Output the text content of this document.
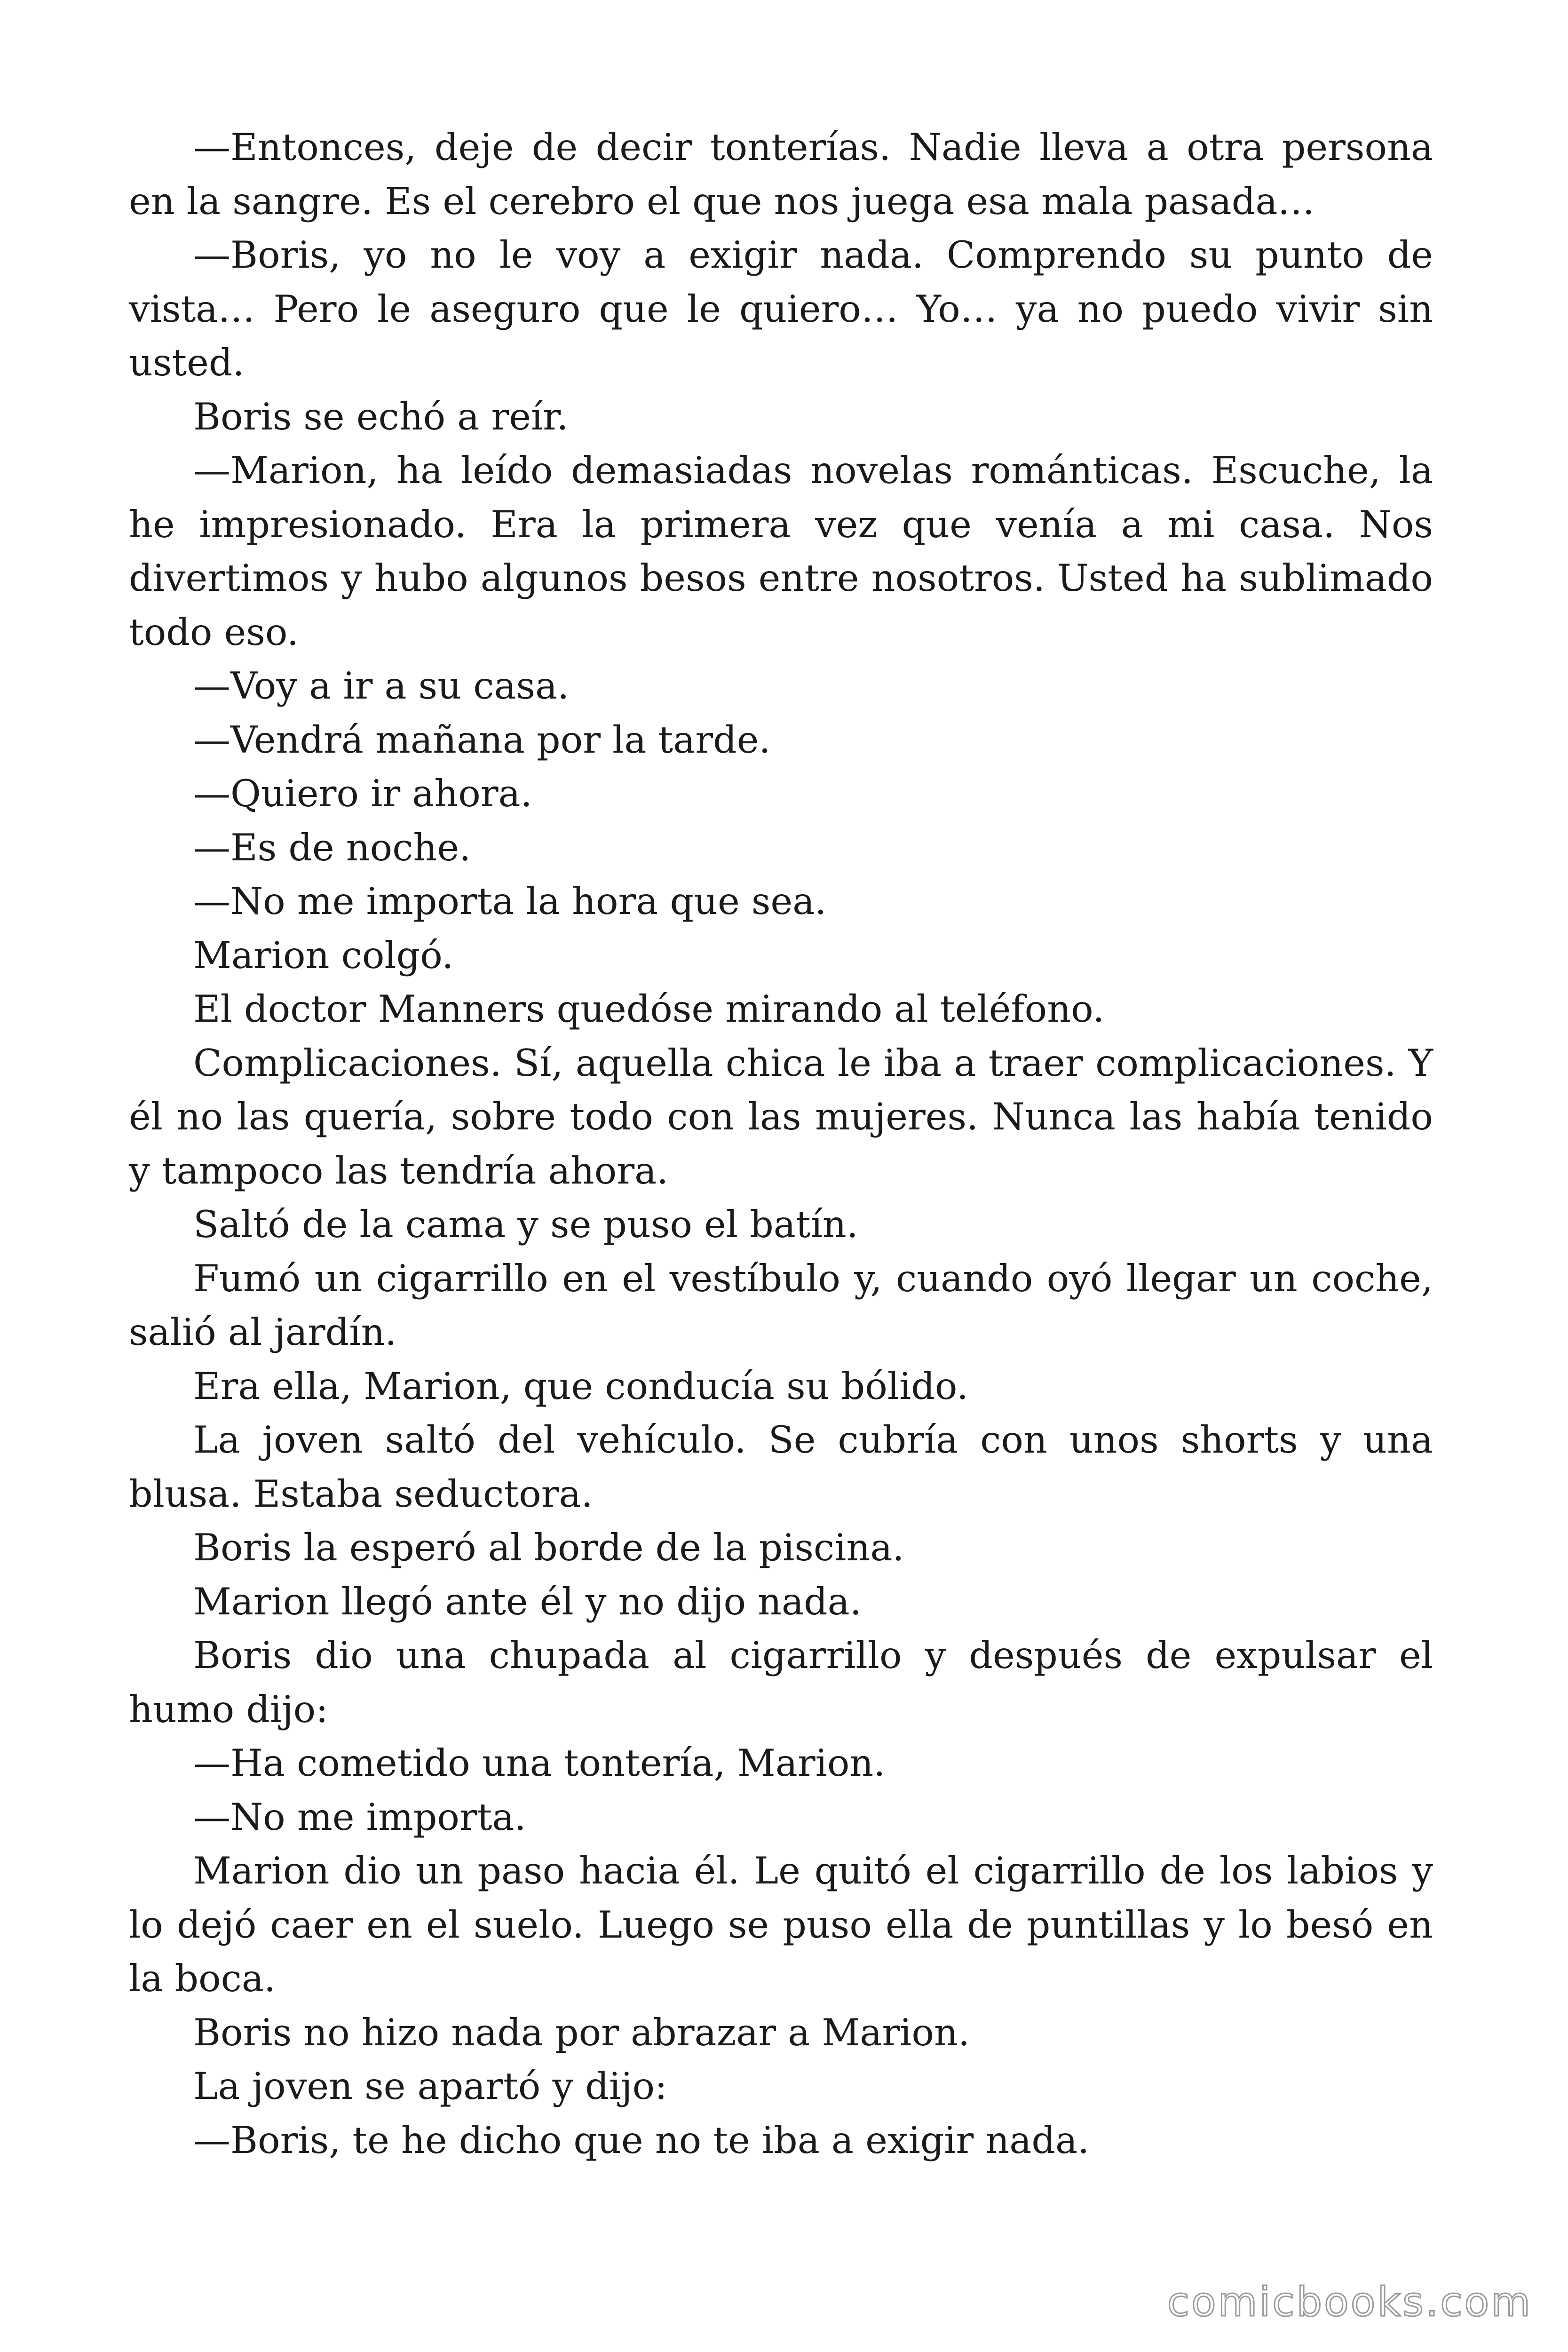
—Entonces, deje de decir tonterías. Nadie lleva a otra persona en la sangre. Es el cerebro el que nos juega esa mala pasada…

—Boris, yo no le voy a exigir nada. Comprendo su punto de vista… Pero le aseguro que le quiero… Yo… ya no puedo vivir sin usted.

Boris se echó a reír.

—Marion, ha leído demasiadas novelas románticas. Escuche, la he impresionado. Era la primera vez que venía a mi casa. Nos divertimos y hubo algunos besos entre nosotros. Usted ha sublimado todo eso.

—Voy a ir a su casa.

—Vendrá mañana por la tarde.

—Quiero ir ahora.

—Es de noche.

—No me importa la hora que sea.

Marion colgó.

El doctor Manners quedóse mirando al teléfono.

Complicaciones. Sí, aquella chica le iba a traer complicaciones. Y él no las quería, sobre todo con las mujeres. Nunca las había tenido y tampoco las tendría ahora.

Saltó de la cama y se puso el batín.

Fumó un cigarrillo en el vestíbulo y, cuando oyó llegar un coche, salió al jardín.

Era ella, Marion, que conducía su bólido.

La joven saltó del vehículo. Se cubría con unos shorts y una blusa. Estaba seductora.

Boris la esperó al borde de la piscina.

Marion llegó ante él y no dijo nada.

Boris dio una chupada al cigarrillo y después de expulsar el humo dijo:

—Ha cometido una tontería, Marion.

—No me importa.

Marion dio un paso hacia él. Le quitó el cigarrillo de los labios y lo dejó caer en el suelo. Luego se puso ella de puntillas y lo besó en la boca.

Boris no hizo nada por abrazar a Marion.

La joven se apartó y dijo:

—Boris, te he dicho que no te iba a exigir nada.

comicbooks.com
